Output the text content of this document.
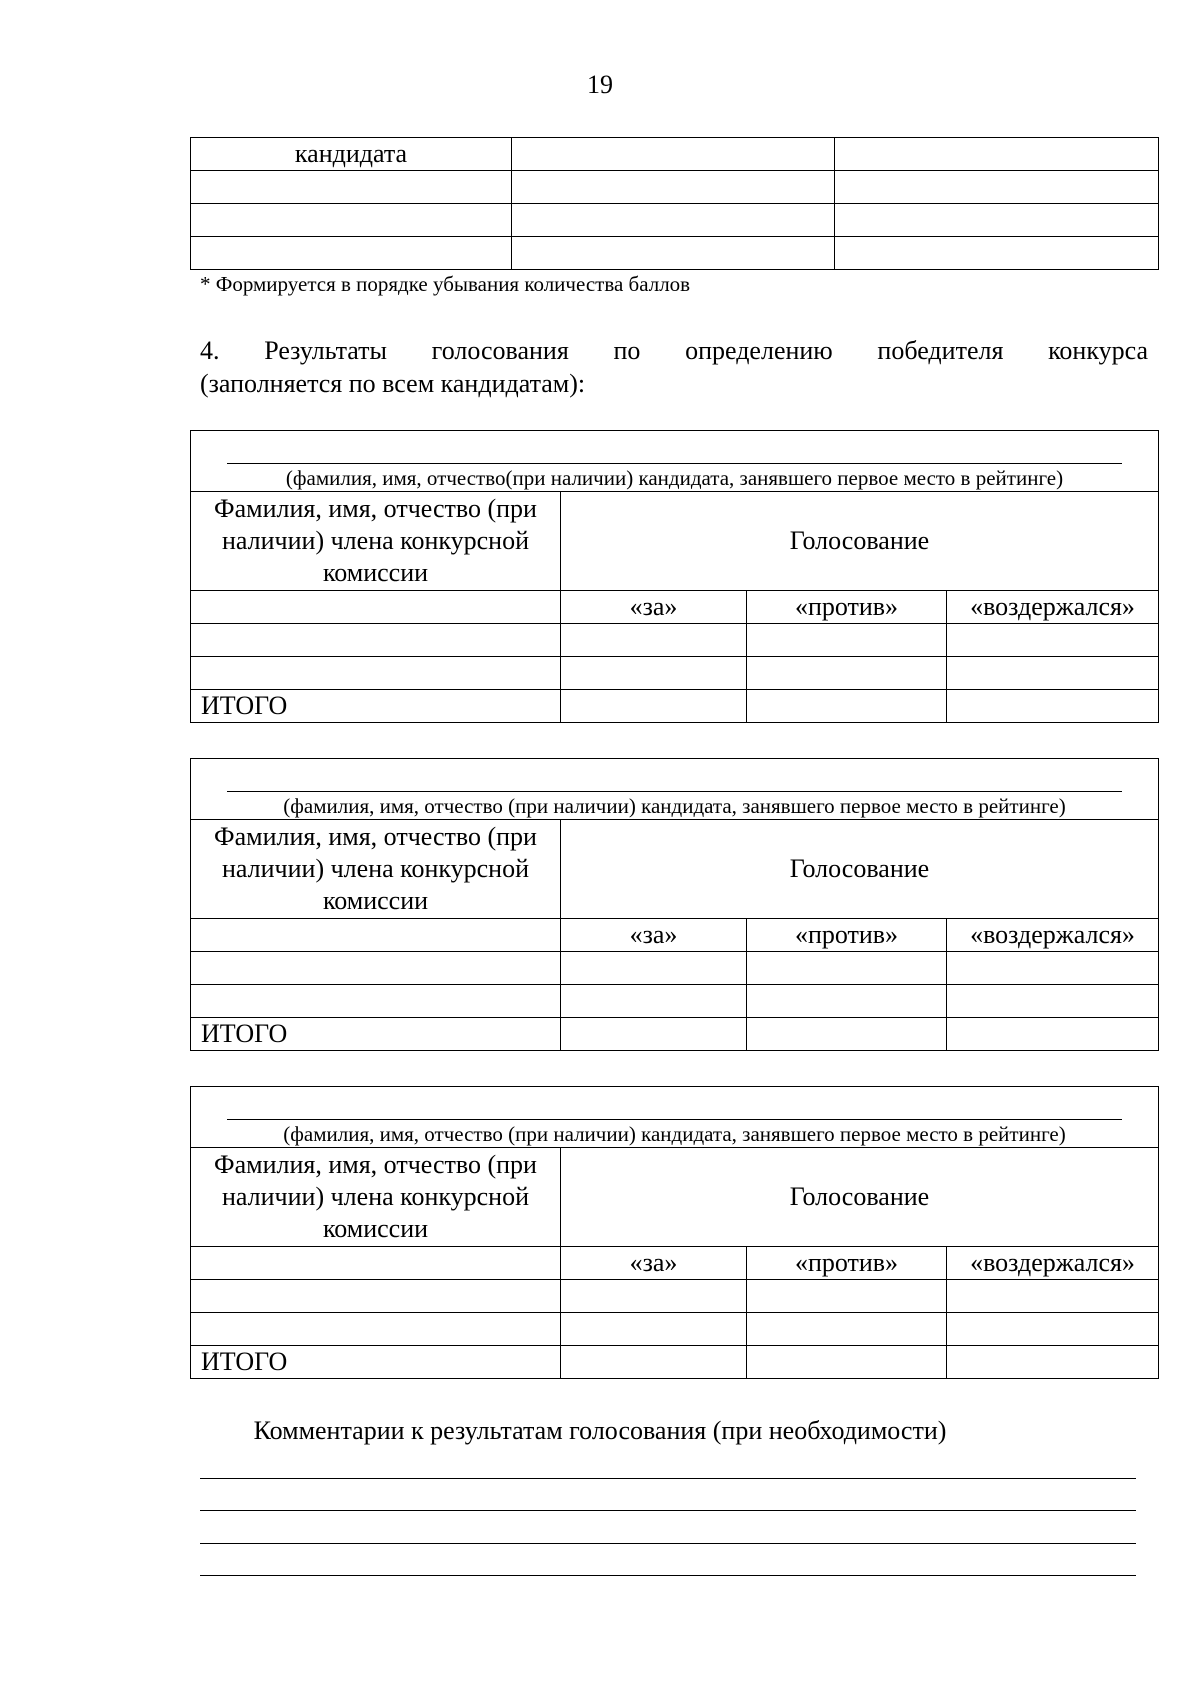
19
кандидата		

* Формируется в порядке убывания количества баллов
4. Результаты голосования по определению победителя конкурса
(заполняется по всем кандидатам):
(фамилия, имя, отчество(при наличии) кандидата, занявшего первое место в рейтинге)			

Фамилия, имя, отчество (при наличии) члена конкурсной комиссии	Голосование		
	«за»	«против»	«воздержался»

ИТОГО			
(фамилия, имя, отчество (при наличии) кандидата, занявшего первое место в рейтинге)			

Фамилия, имя, отчество (при наличии) члена конкурсной комиссии	Голосование		
	«за»	«против»	«воздержался»

ИТОГО			
(фамилия, имя, отчество (при наличии) кандидата, занявшего первое место в рейтинге)			

Фамилия, имя, отчество (при наличии) члена конкурсной комиссии	Голосование		
	«за»	«против»	«воздержался»

ИТОГО			
Комментарии к результатам голосования (при необходимости)
